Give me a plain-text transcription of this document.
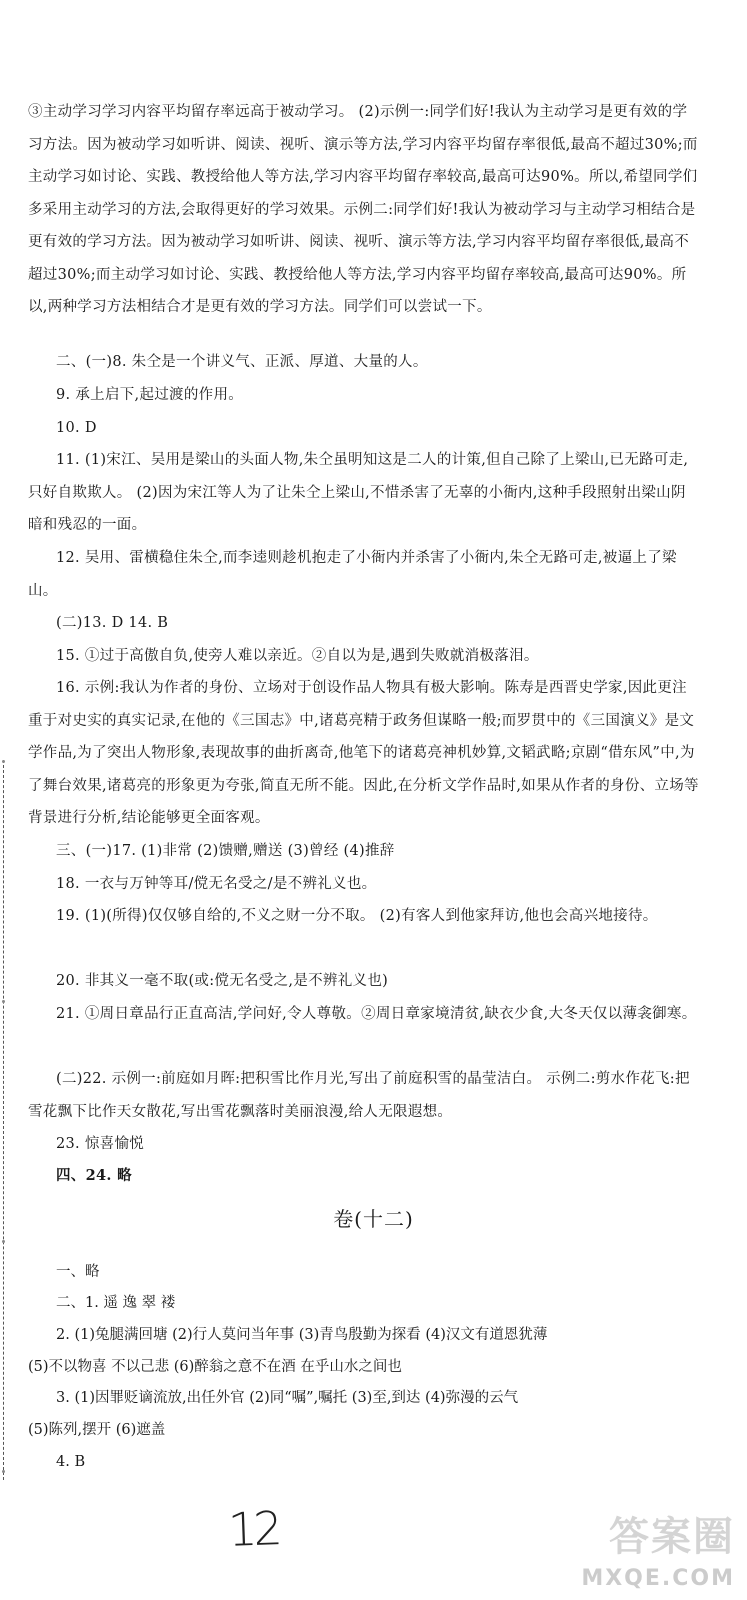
③主动学习学习内容平均留存率远高于被动学习。 (2)示例一:同学们好!我认为主动学习是更有效的学习方法。因为被动学习如听讲、阅读、视听、演示等方法,学习内容平均留存率很低,最高不超过30%;而主动学习如讨论、实践、教授给他人等方法,学习内容平均留存率较高,最高可达90%。所以,希望同学们多采用主动学习的方法,会取得更好的学习效果。示例二:同学们好!我认为被动学习与主动学习相结合是更有效的学习方法。因为被动学习如听讲、阅读、视听、演示等方法,学习内容平均留存率很低,最高不超过30%;而主动学习如讨论、实践、教授给他人等方法,学习内容平均留存率较高,最高可达90%。所以,两种学习方法相结合才是更有效的学习方法。同学们可以尝试一下。

二、(一)8. 朱仝是一个讲义气、正派、厚道、大量的人。

9. 承上启下,起过渡的作用。

10. D

11. (1)宋江、吴用是梁山的头面人物,朱仝虽明知这是二人的计策,但自己除了上梁山,已无路可走,只好自欺欺人。 (2)因为宋江等人为了让朱仝上梁山,不惜杀害了无辜的小衙内,这种手段照射出梁山阴暗和残忍的一面。

12. 吴用、雷横稳住朱仝,而李逵则趁机抱走了小衙内并杀害了小衙内,朱仝无路可走,被逼上了梁山。

(二)13. D 14. B

15. ①过于高傲自负,使旁人难以亲近。②自以为是,遇到失败就消极落泪。

16. 示例:我认为作者的身份、立场对于创设作品人物具有极大影响。陈寿是西晋史学家,因此更注重于对史实的真实记录,在他的《三国志》中,诸葛亮精于政务但谋略一般;而罗贯中的《三国演义》是文学作品,为了突出人物形象,表现故事的曲折离奇,他笔下的诸葛亮神机妙算,文韬武略;京剧“借东风”中,为了舞台效果,诸葛亮的形象更为夸张,简直无所不能。因此,在分析文学作品时,如果从作者的身份、立场等背景进行分析,结论能够更全面客观。

三、(一)17. (1)非常 (2)馈赠,赠送 (3)曾经 (4)推辞

18. 一衣与万钟等耳/傥无名受之/是不辨礼义也。

19. (1)(所得)仅仅够自给的,不义之财一分不取。 (2)有客人到他家拜访,他也会高兴地接待。

20. 非其义一毫不取(或:傥无名受之,是不辨礼义也)

21. ①周日章品行正直高洁,学问好,令人尊敬。②周日章家境清贫,缺衣少食,大冬天仅以薄衾御寒。

(二)22. 示例一:前庭如月晖:把积雪比作月光,写出了前庭积雪的晶莹洁白。 示例二:剪水作花飞:把雪花飘下比作天女散花,写出雪花飘落时美丽浪漫,给人无限遐想。

23. 惊喜愉悦

四、24. 略

卷(十二)

一、略
二、1. 遥 逸 翠 褛
2. (1)兔腿满回塘 (2)行人莫问当年事 (3)青鸟殷勤为探看 (4)汉文有道恩犹薄
(5)不以物喜 不以己悲 (6)醉翁之意不在酒 在乎山水之间也
3. (1)因罪贬谪流放,出任外官 (2)同“嘱”,嘱托 (3)至,到达 (4)弥漫的云气
(5)陈列,摆开 (6)遮盖
4. B
12	答案圈
MXQE.COM
